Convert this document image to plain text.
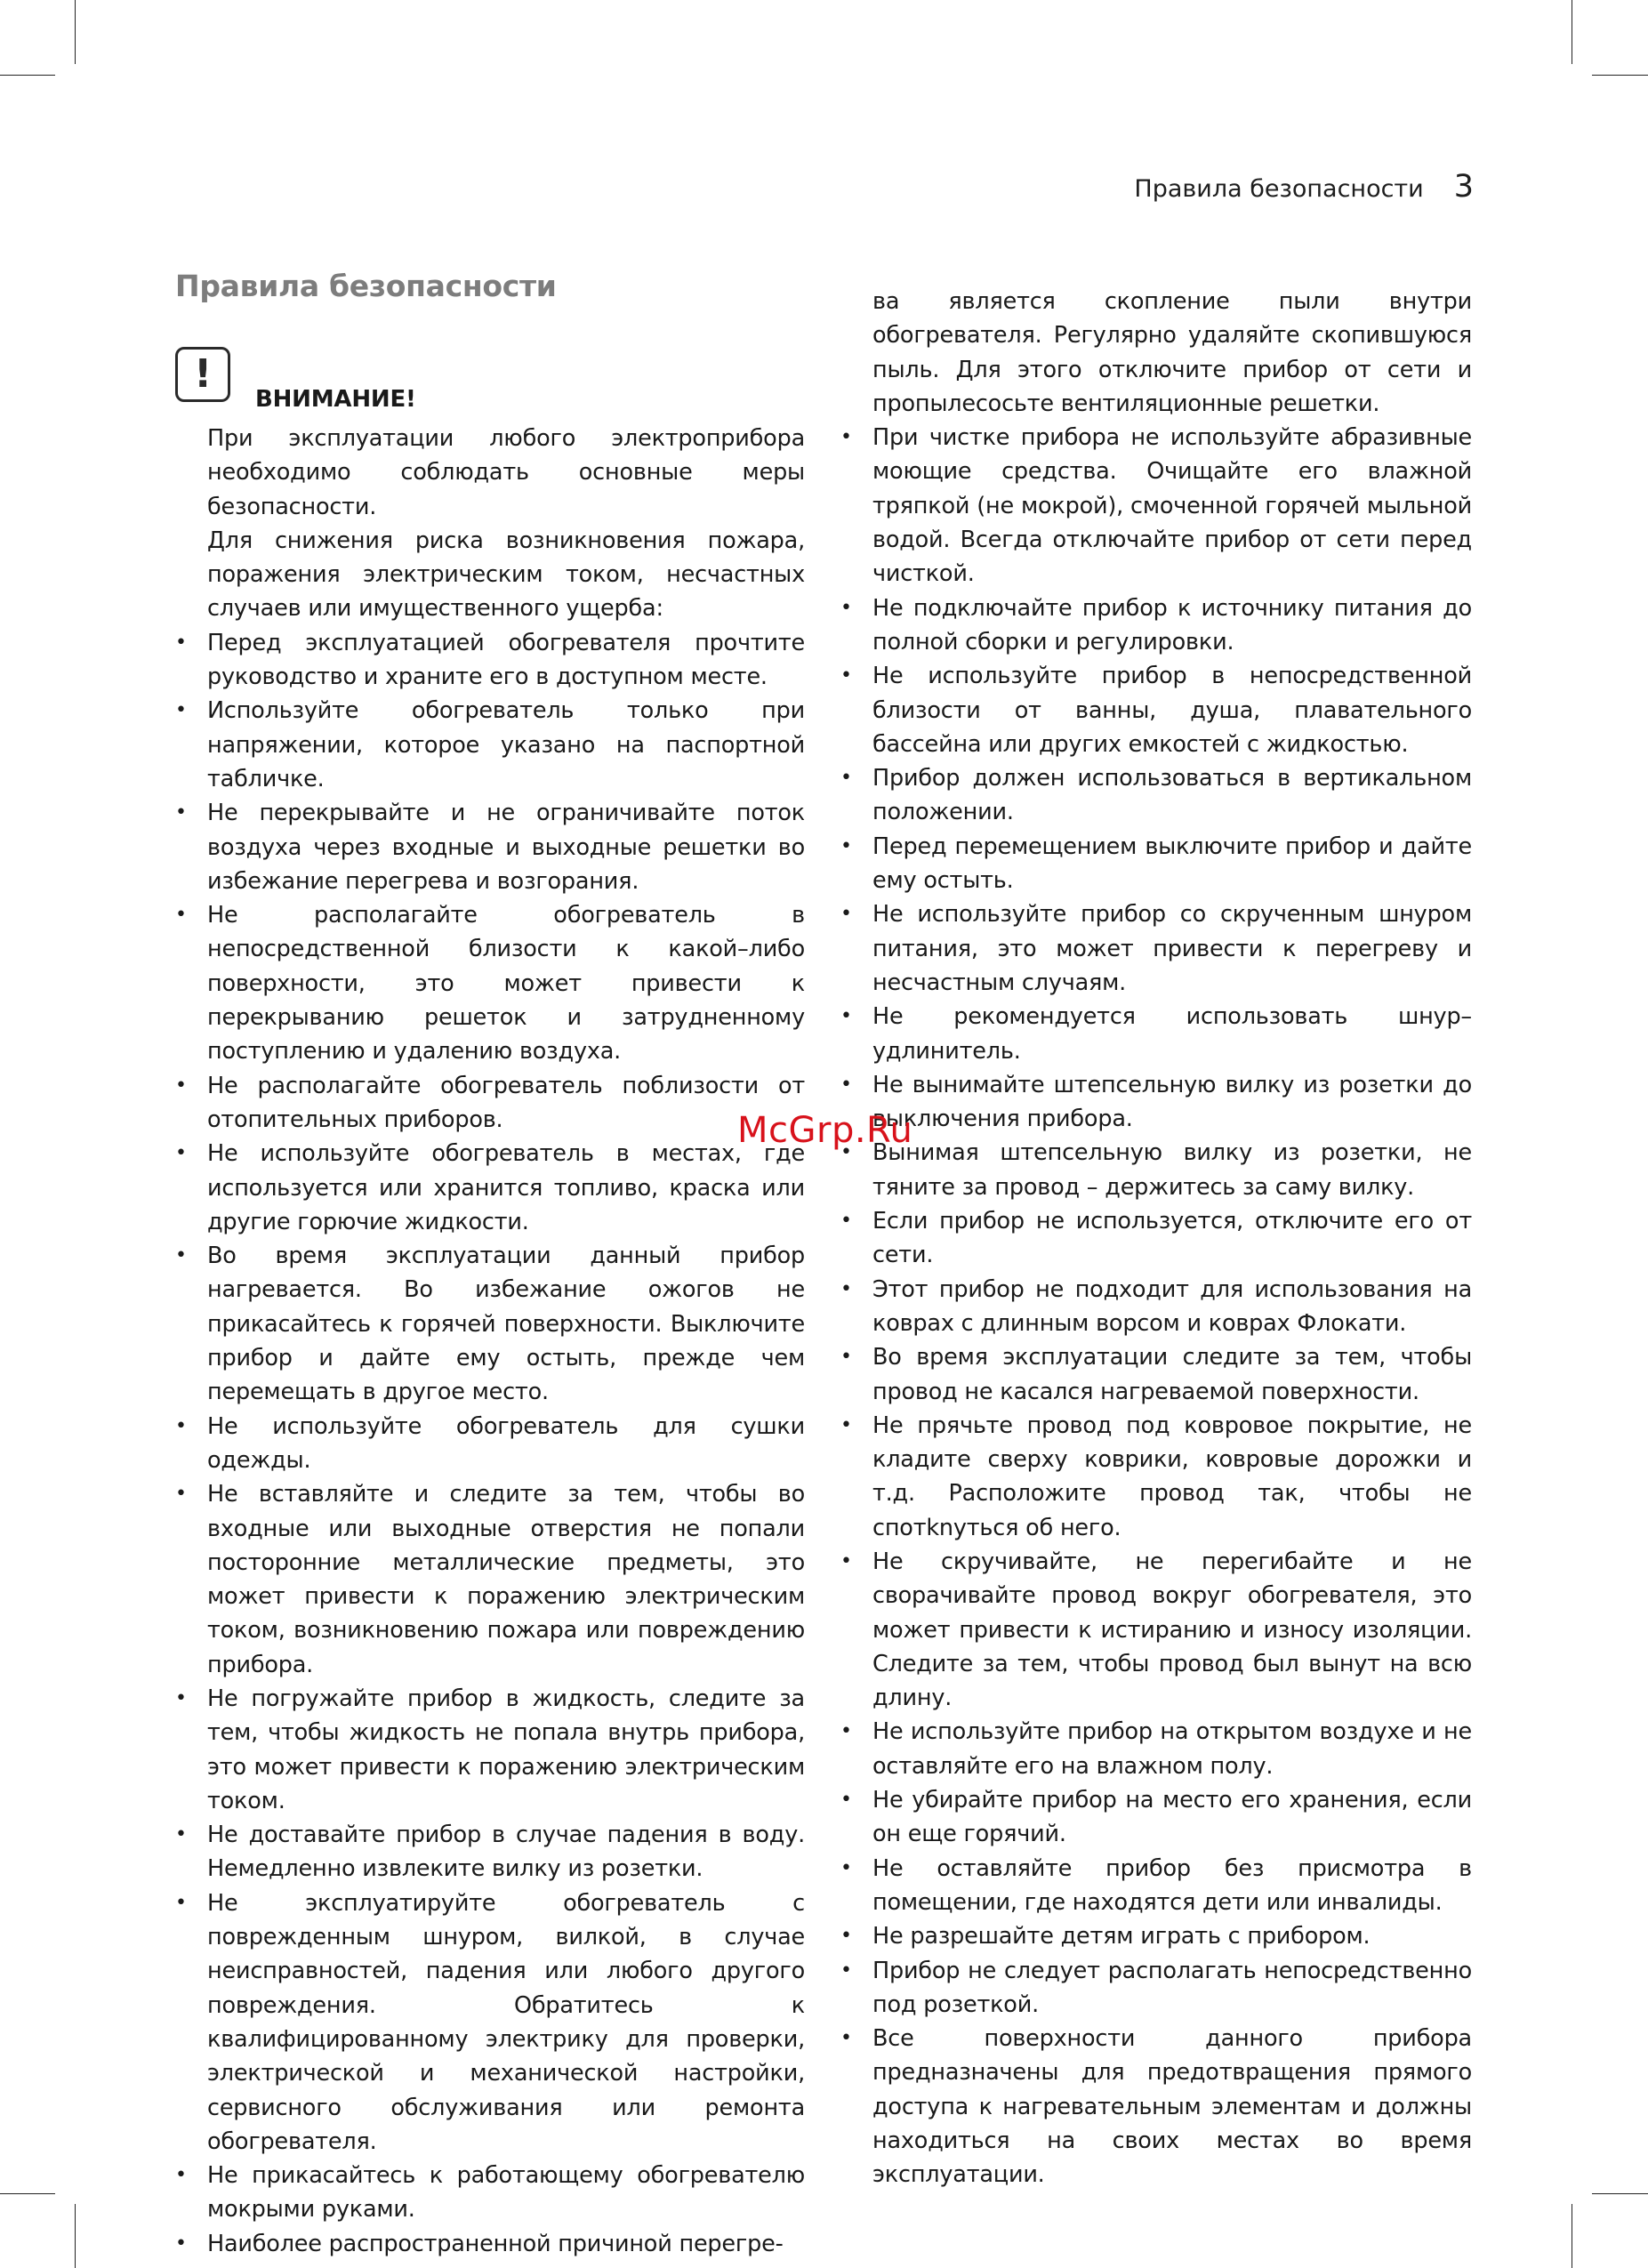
Правила безопасности 3
Правила безопасности
!
ВНИМАНИЕ!
При эксплуатации любого электроприбора необходимо соблюдать основные меры безопасности.
Для снижения риска возникновения пожара, поражения электрическим током, несчастных случаев или имущественного ущерба:
• Перед эксплуатацией обогревателя прочтите руководство и храните его в доступном месте.
• Используйте обогреватель только при напряжении, которое указано на паспортной табличке.
• Не перекрывайте и не ограничивайте поток воздуха через входные и выходные решетки во избежание перегрева и возгорания.
• Не располагайте обогреватель в непосредственной близости к какой–либо поверхности, это может привести к перекрыванию решеток и затрудненному поступлению и удалению воздуха.
• Не располагайте обогреватель поблизости от отопительных приборов.
• Не используйте обогреватель в местах, где используется или хранится топливо, краска или другие горючие жидкости.
• Во время эксплуатации данный прибор нагревается. Во избежание ожогов не прикасайтесь к горячей поверхности. Выключите прибор и дайте ему остыть, прежде чем перемещать в другое место.
• Не используйте обогреватель для сушки одежды.
• Не вставляйте и следите за тем, чтобы во входные или выходные отверстия не попали посторонние металлические предметы, это может привести к поражению электрическим током, возникновению пожара или повреждению прибора.
• Не погружайте прибор в жидкость, следите за тем, чтобы жидкость не попала внутрь прибора, это может привести к поражению электрическим током.
• Не доставайте прибор в случае падения в воду. Немедленно извлеките вилку из розетки.
• Не эксплуатируйте обогреватель с поврежденным шнуром, вилкой, в случае неисправностей, падения или любого другого повреждения. Обратитесь к квалифицированному электрику для проверки, электрической и механической настройки, сервисного обслуживания или ремонта обогревателя.
• Не прикасайтесь к работающему обогревателю мокрыми руками.
• Наиболее распространенной причиной перегре-
ва является скопление пыли внутри обогревателя. Регулярно удаляйте скопившуюся пыль. Для этого отключите прибор от сети и пропылесосьте вентиляционные решетки.
• При чистке прибора не используйте абразивные моющие средства. Очищайте его влажной тряпкой (не мокрой), смоченной горячей мыльной водой. Всегда отключайте прибор от сети перед чисткой.
• Не подключайте прибор к источнику питания до полной сборки и регулировки.
• Не используйте прибор в непосредственной близости от ванны, душа, плавательного бассейна или других емкостей с жидкостью.
• Прибор должен использоваться в вертикальном положении.
• Перед перемещением выключите прибор и дайте ему остыть.
• Не используйте прибор со скрученным шнуром питания, это может привести к перегреву и несчастным случаям.
• Не рекомендуется использовать шнур–удлинитель.
• Не вынимайте штепсельную вилку из розетки до выключения прибора.
• Вынимая штепсельную вилку из розетки, не тяните за провод – держитесь за саму вилку.
• Если прибор не используется, отключите его от сети.
• Этот прибор не подходит для использования на коврах с длинным ворсом и коврах Флокати.
• Во время эксплуатации следите за тем, чтобы провод не касался нагреваемой поверхности.
• Не прячьте провод под ковровое покрытие, не кладите сверху коврики, ковровые дорожки и т.д. Расположите провод так, чтобы не спотknуться об него.
• Не скручивайте, не перегибайте и не сворачивайте провод вокруг обогревателя, это может привести к истиранию и износу изоляции. Следите за тем, чтобы провод был вынут на всю длину.
• Не используйте прибор на открытом воздухе и не оставляйте его на влажном полу.
• Не убирайте прибор на место его хранения, если он еще горячий.
• Не оставляйте прибор без присмотра в помещении, где находятся дети или инвалиды.
• Не разрешайте детям играть с прибором.
• Прибор не следует располагать непосредственно под розеткой.
• Все поверхности данного прибора предназначены для предотвращения прямого доступа к нагревательным элементам и должны находиться на своих местах во время эксплуатации.
McGrp.Ru
